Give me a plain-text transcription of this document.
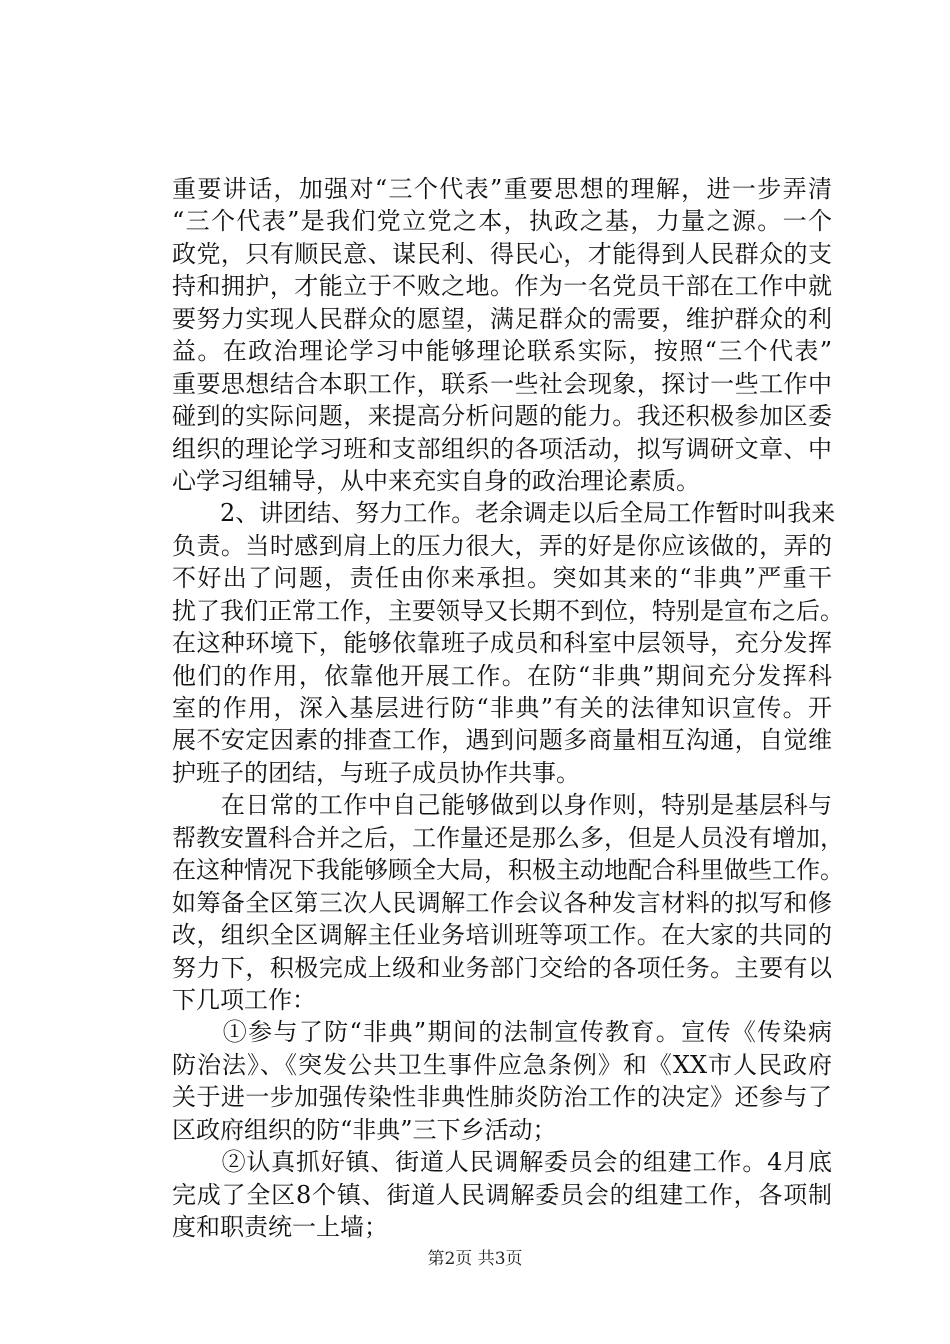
重要讲话，加强对“三个代表”重要思想的理解，进一步弄清
“三个代表”是我们党立党之本，执政之基，力量之源。一个
政党，只有顺民意、谋民利、得民心，才能得到人民群众的支
持和拥护，才能立于不败之地。作为一名党员干部在工作中就
要努力实现人民群众的愿望，满足群众的需要，维护群众的利
益。在政治理论学习中能够理论联系实际，按照“三个代表”
重要思想结合本职工作，联系一些社会现象，探讨一些工作中
碰到的实际问题，来提高分析问题的能力。我还积极参加区委
组织的理论学习班和支部组织的各项活动，拟写调研文章、中
心学习组辅导，从中来充实自身的政治理论素质。
　　2、讲团结、努力工作。老余调走以后全局工作暂时叫我来
负责。当时感到肩上的压力很大，弄的好是你应该做的，弄的
不好出了问题，责任由你来承担。突如其来的“非典”严重干
扰了我们正常工作，主要领导又长期不到位，特别是宣布之后。
在这种环境下，能够依靠班子成员和科室中层领导，充分发挥
他们的作用，依靠他开展工作。在防“非典”期间充分发挥科
室的作用，深入基层进行防“非典”有关的法律知识宣传。开
展不安定因素的排查工作，遇到问题多商量相互沟通，自觉维
护班子的团结，与班子成员协作共事。
　　在日常的工作中自己能够做到以身作则，特别是基层科与
帮教安置科合并之后，工作量还是那么多，但是人员没有增加，
在这种情况下我能够顾全大局，积极主动地配合科里做些工作。
如筹备全区第三次人民调解工作会议各种发言材料的拟写和修
改，组织全区调解主任业务培训班等项工作。在大家的共同的
努力下，积极完成上级和业务部门交给的各项任务。主要有以
下几项工作：
　　①参与了防“非典”期间的法制宣传教育。宣传《传染病
防治法》、《突发公共卫生事件应急条例》和《XX市人民政府
关于进一步加强传染性非典性肺炎防治工作的决定》还参与了
区政府组织的防“非典”三下乡活动；
　　②认真抓好镇、街道人民调解委员会的组建工作。4月底
完成了全区8个镇、街道人民调解委员会的组建工作，各项制
度和职责统一上墙；
第2页 共3页
